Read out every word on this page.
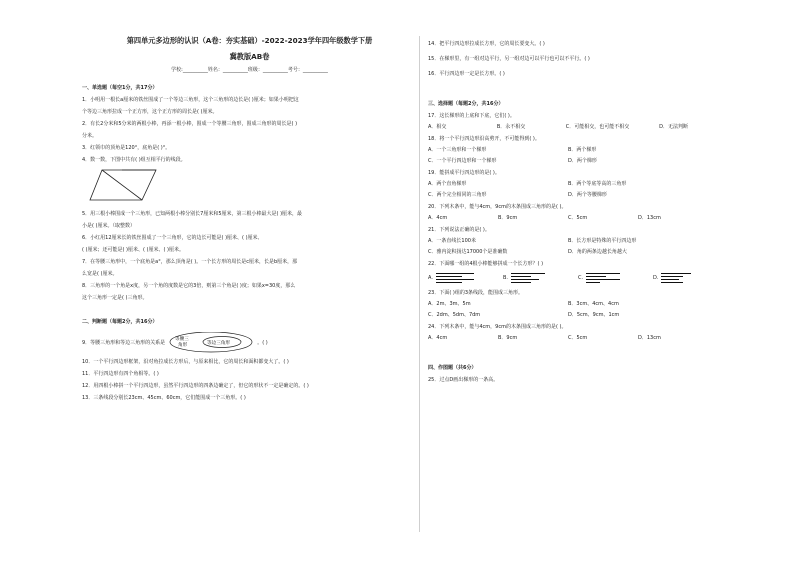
第四单元多边形的认识（A卷：夯实基础）-2022-2023学年四年级数学下册
冀教版AB卷
学校:__________姓名：__________班级：__________考号：__________
一、单选题（每空1分，共17分）
1．小明用一根长a厘米的铁丝围成了一个等边三角形，这个三角形的边长是( )厘米；如果小明把这
个等边三角形拉成一个正方形，这个正方形的周长是( )厘米。
2．有长2分米和5分米的两根小棒，再添一根小棒，围成一个等腰三角形，围成三角形的周长是( )
分米。
3．红领巾的顶角是120°，底角是( )°。
4．数一数，下图中共有( )组互相平行的线段。
5．用三根小棒围成一个三角形，已知两根小棒分别长7厘米和5厘米，第三根小棒最大是( )厘米，最
小是( )厘米。（取整数）
6．小红用12厘米长的铁丝围成了一个三角形，它的边长可能是( )厘米、( )厘米、
( )厘米；还可能是( )厘米、( )厘米、( )厘米。
7．在等腰三角形中，一个底角是a°，那么顶角是( )。一个长方形的周长是c厘米，长是b厘米，那
么宽是( )厘米。
8．三角形的一个角是x度，另一个角的度数是它的3倍，则第三个角是( )度；如果x=30度，那么
这个三角形一定是( )三角形。
二、判断题（每题2分，共16分）
9．等腰三角形和等边三角形的关系是
等腰三
角形	等边三角形	。( )
10．一个平行四边形框架，沿对角拉成长方形后，与原来相比，它的周长和面积都变大了。( )
11．平行四边形有四个角相等。( )
12．用四根小棒拼一个平行四边形，虽然平行四边形的四条边确定了，但它的形状不一定是确定的。( )
13．三条线段分别长23cm、45cm、60cm，它们能围成一个三角形。( )
14．把平行四边形拉成长方形，它的周长要变大。( )
15．在梯形里，有一组对边平行，另一组对边可以平行也可以不平行。( )
16．平行四边形一定是长方形。( )
三、选择题（每题2分，共16分）
17．这长梯形的上底和下底，它们( )。
A．相交	B．永不相交	C．可能相交，也可能不相交	D．无法判断
18．将一个平行四边形沿高剪开，不可能得到( )。
A．一个三角形和一个梯形	B．两个梯形
C．一个平行四边形和一个梯形	D．两个梯形
19．能拼成平行四边形的是( )。
A．两个直角梯形	B．两个等底等高的三角形
C．两个完全相同的三角形	D．两个等腰梯形
20．下列木条中，能与4cm，9cm的木条围成三角形的是( )。
A．4cm	B．9cm	C．5cm	D．13cm
21．下列说法正确的是( )。
A．一条直线长100米	B．长方形是特殊的平行四边形
C．雅内淀积扬达17000个是准确数	D．角的两条边越长角越大
22．下面哪一组的4根小棒能够拼成一个长方形？( )
A.	B.	C.	D.
23．下面( )组的3条线段，能围成三角形。
A．2m、3m、5m	B．3cm、4cm、4cm
C．2dm、5dm、7dm	D．5cm、9cm、1cm
24．下列木条中，能与4cm，9cm的木条围成三角形的是( )。
A．4cm	B．9cm	C．5cm	D．13cm
四、作图题（共6分）
25．过点D画出梯形的一条高。
